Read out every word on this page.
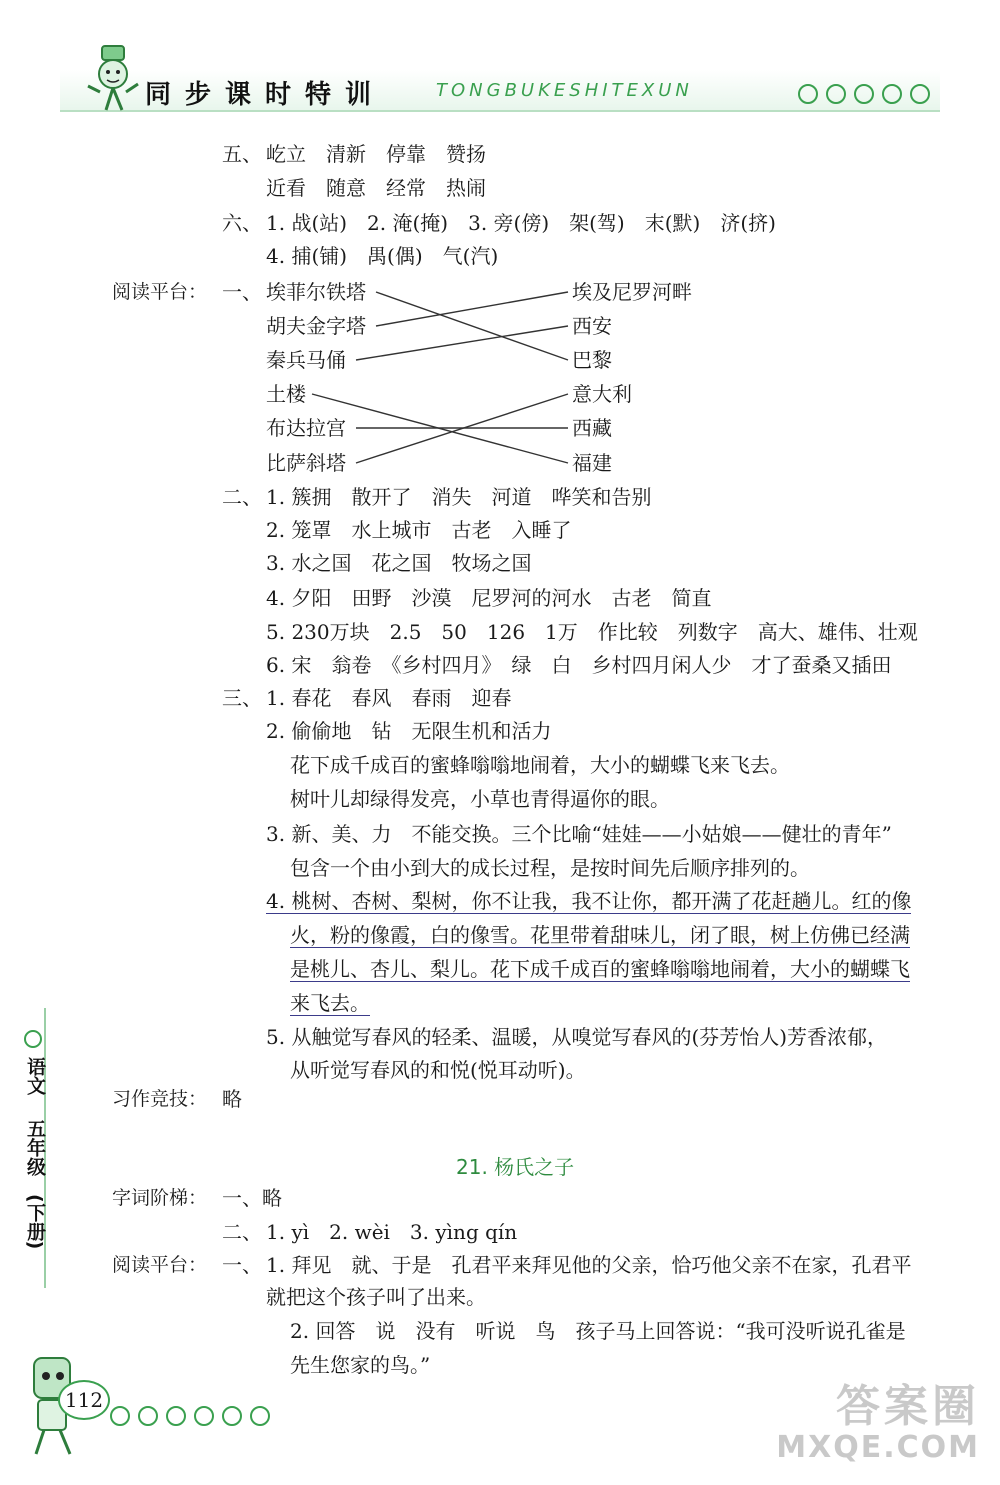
同步课时特训	TONGBUKESHITEXUN
语文
五年级
(下册)
五、 屹立　清新　停靠　赞扬
近看　随意　经常　热闹
六、 1. 战(站)　2. 淹(掩)　3. 旁(傍)　架(驾)　末(默)　济(挤)
4. 捕(铺)　禺(偶)　气(汽)
阅读平台： 一、 埃菲尔铁塔
胡夫金字塔
秦兵马俑
土楼
布达拉宫
比萨斜塔
埃及尼罗河畔
西安
巴黎
意大利
西藏
福建
二、 1. 簇拥　散开了　消失　河道　哗笑和告别
2. 笼罩　水上城市　古老　入睡了
3. 水之国　花之国　牧场之国
4. 夕阳　田野　沙漠　尼罗河的河水　古老　简直
5. 230万块　2.5　50　126　1万　作比较　列数字　高大、雄伟、壮观
6. 宋　翁卷　《乡村四月》　绿　白　乡村四月闲人少　才了蚕桑又插田
三、 1. 春花　春风　春雨　迎春
2. 偷偷地　钻　无限生机和活力
花下成千成百的蜜蜂嗡嗡地闹着，大小的蝴蝶飞来飞去。
树叶儿却绿得发亮，小草也青得逼你的眼。
3. 新、美、力　不能交换。三个比喻“娃娃——小姑娘——健壮的青年”
包含一个由小到大的成长过程，是按时间先后顺序排列的。
4. 桃树、杏树、梨树，你不让我，我不让你，都开满了花赶趟儿。红的像
火，粉的像霞，白的像雪。花里带着甜味儿，闭了眼，树上仿佛已经满
是桃儿、杏儿、梨儿。花下成千成百的蜜蜂嗡嗡地闹着，大小的蝴蝶飞
来飞去。
5. 从触觉写春风的轻柔、温暖，从嗅觉写春风的(芬芳怡人)芳香浓郁，
从听觉写春风的和悦(悦耳动听)。
习作竞技： 略
21. 杨氏之子
字词阶梯： 一、略
二、 1. yì　2. wèi　3. yìng qín
阅读平台： 一、 1. 拜见　就、于是　孔君平来拜见他的父亲，恰巧他父亲不在家，孔君平
就把这个孩子叫了出来。
2. 回答　说　没有　听说　鸟　孩子马上回答说：“我可没听说孔雀是
先生您家的鸟。”
112	答案圈
MXQE.COM
